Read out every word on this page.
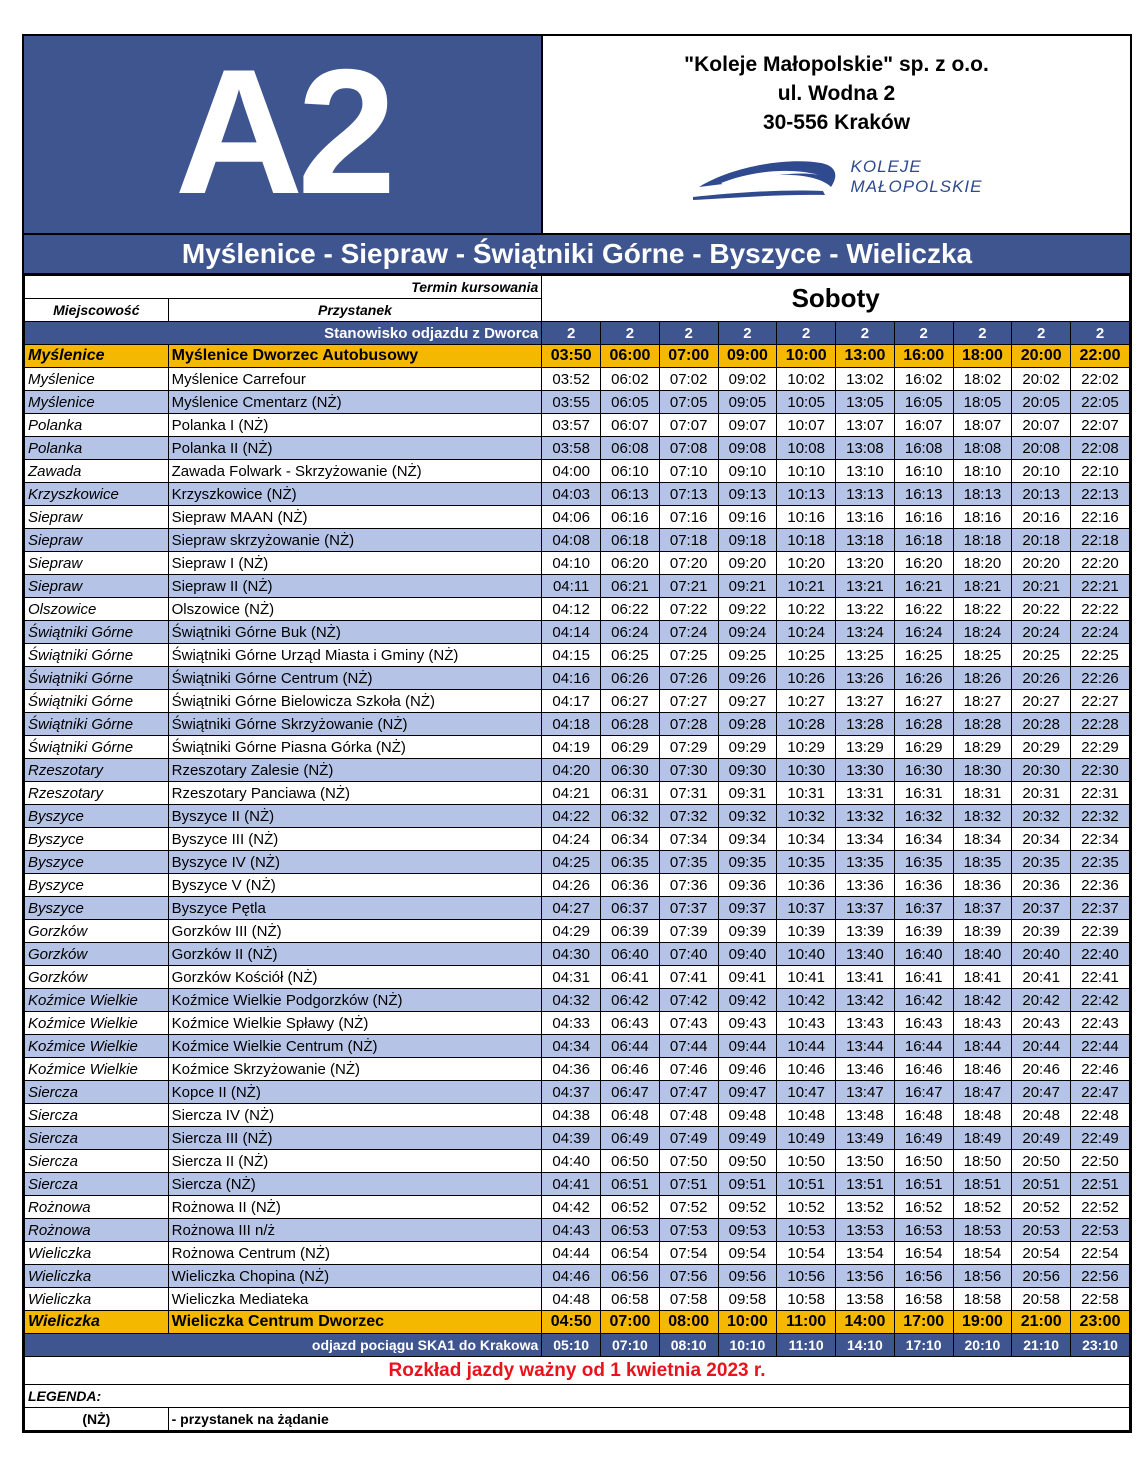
A2	"Koleje Małopolskie" sp. z o.o.
ul. Wodna 2
30-556 Kraków
KOLEJE
MAŁOPOLSKIE
Myślenice - Siepraw - Świątniki Górne - Byszyce - Wieliczka
Termin kursowania		Soboty									
Miejscowość	Przystanek										
Stanowisko odjazdu z Dworca		2	2	2	2	2	2	2	2	2	2
Myślenice	Myślenice Dworzec Autobusowy	03:50	06:00	07:00	09:00	10:00	13:00	16:00	18:00	20:00	22:00
Myślenice	Myślenice Carrefour	03:52	06:02	07:02	09:02	10:02	13:02	16:02	18:02	20:02	22:02
Myślenice	Myślenice Cmentarz (NŻ)	03:55	06:05	07:05	09:05	10:05	13:05	16:05	18:05	20:05	22:05
Polanka	Polanka I (NŻ)	03:57	06:07	07:07	09:07	10:07	13:07	16:07	18:07	20:07	22:07
Polanka	Polanka II (NŻ)	03:58	06:08	07:08	09:08	10:08	13:08	16:08	18:08	20:08	22:08
Zawada	Zawada Folwark - Skrzyżowanie (NŻ)	04:00	06:10	07:10	09:10	10:10	13:10	16:10	18:10	20:10	22:10
Krzyszkowice	Krzyszkowice (NŻ)	04:03	06:13	07:13	09:13	10:13	13:13	16:13	18:13	20:13	22:13
Siepraw	Siepraw MAAN (NŻ)	04:06	06:16	07:16	09:16	10:16	13:16	16:16	18:16	20:16	22:16
Siepraw	Siepraw skrzyżowanie (NŻ)	04:08	06:18	07:18	09:18	10:18	13:18	16:18	18:18	20:18	22:18
Siepraw	Siepraw I (NŻ)	04:10	06:20	07:20	09:20	10:20	13:20	16:20	18:20	20:20	22:20
Siepraw	Siepraw II (NŻ)	04:11	06:21	07:21	09:21	10:21	13:21	16:21	18:21	20:21	22:21
Olszowice	Olszowice (NŻ)	04:12	06:22	07:22	09:22	10:22	13:22	16:22	18:22	20:22	22:22
Świątniki Górne	Świątniki Górne Buk (NŻ)	04:14	06:24	07:24	09:24	10:24	13:24	16:24	18:24	20:24	22:24
Świątniki Górne	Świątniki Górne Urząd Miasta i Gminy (NŻ)	04:15	06:25	07:25	09:25	10:25	13:25	16:25	18:25	20:25	22:25
Świątniki Górne	Świątniki Górne Centrum (NŻ)	04:16	06:26	07:26	09:26	10:26	13:26	16:26	18:26	20:26	22:26
Świątniki Górne	Świątniki Górne Bielowicza Szkoła (NŻ)	04:17	06:27	07:27	09:27	10:27	13:27	16:27	18:27	20:27	22:27
Świątniki Górne	Świątniki Górne Skrzyżowanie (NŻ)	04:18	06:28	07:28	09:28	10:28	13:28	16:28	18:28	20:28	22:28
Świątniki Górne	Świątniki Górne Piasna Górka (NŻ)	04:19	06:29	07:29	09:29	10:29	13:29	16:29	18:29	20:29	22:29
Rzeszotary	Rzeszotary Zalesie (NŻ)	04:20	06:30	07:30	09:30	10:30	13:30	16:30	18:30	20:30	22:30
Rzeszotary	Rzeszotary Panciawa (NŻ)	04:21	06:31	07:31	09:31	10:31	13:31	16:31	18:31	20:31	22:31
Byszyce	Byszyce II (NŻ)	04:22	06:32	07:32	09:32	10:32	13:32	16:32	18:32	20:32	22:32
Byszyce	Byszyce III (NŻ)	04:24	06:34	07:34	09:34	10:34	13:34	16:34	18:34	20:34	22:34
Byszyce	Byszyce IV (NŻ)	04:25	06:35	07:35	09:35	10:35	13:35	16:35	18:35	20:35	22:35
Byszyce	Byszyce V (NŻ)	04:26	06:36	07:36	09:36	10:36	13:36	16:36	18:36	20:36	22:36
Byszyce	Byszyce Pętla	04:27	06:37	07:37	09:37	10:37	13:37	16:37	18:37	20:37	22:37
Gorzków	Gorzków III (NŻ)	04:29	06:39	07:39	09:39	10:39	13:39	16:39	18:39	20:39	22:39
Gorzków	Gorzków II (NŻ)	04:30	06:40	07:40	09:40	10:40	13:40	16:40	18:40	20:40	22:40
Gorzków	Gorzków Kościół (NŻ)	04:31	06:41	07:41	09:41	10:41	13:41	16:41	18:41	20:41	22:41
Koźmice Wielkie	Koźmice Wielkie Podgorzków (NŻ)	04:32	06:42	07:42	09:42	10:42	13:42	16:42	18:42	20:42	22:42
Koźmice Wielkie	Koźmice Wielkie Spławy (NŻ)	04:33	06:43	07:43	09:43	10:43	13:43	16:43	18:43	20:43	22:43
Koźmice Wielkie	Koźmice Wielkie Centrum (NŻ)	04:34	06:44	07:44	09:44	10:44	13:44	16:44	18:44	20:44	22:44
Koźmice Wielkie	Koźmice Skrzyżowanie (NŻ)	04:36	06:46	07:46	09:46	10:46	13:46	16:46	18:46	20:46	22:46
Siercza	Kopce II (NŻ)	04:37	06:47	07:47	09:47	10:47	13:47	16:47	18:47	20:47	22:47
Siercza	Siercza IV (NŻ)	04:38	06:48	07:48	09:48	10:48	13:48	16:48	18:48	20:48	22:48
Siercza	Siercza III (NŻ)	04:39	06:49	07:49	09:49	10:49	13:49	16:49	18:49	20:49	22:49
Siercza	Siercza II (NŻ)	04:40	06:50	07:50	09:50	10:50	13:50	16:50	18:50	20:50	22:50
Siercza	Siercza (NŻ)	04:41	06:51	07:51	09:51	10:51	13:51	16:51	18:51	20:51	22:51
Rożnowa	Rożnowa II (NŻ)	04:42	06:52	07:52	09:52	10:52	13:52	16:52	18:52	20:52	22:52
Rożnowa	Rożnowa III n/ż	04:43	06:53	07:53	09:53	10:53	13:53	16:53	18:53	20:53	22:53
Wieliczka	Rożnowa Centrum (NŻ)	04:44	06:54	07:54	09:54	10:54	13:54	16:54	18:54	20:54	22:54
Wieliczka	Wieliczka Chopina (NŻ)	04:46	06:56	07:56	09:56	10:56	13:56	16:56	18:56	20:56	22:56
Wieliczka	Wieliczka Mediateka	04:48	06:58	07:58	09:58	10:58	13:58	16:58	18:58	20:58	22:58
Wieliczka	Wieliczka Centrum Dworzec	04:50	07:00	08:00	10:00	11:00	14:00	17:00	19:00	21:00	23:00
odjazd pociągu SKA1 do Krakowa		05:10	07:10	08:10	10:10	11:10	14:10	17:10	20:10	21:10	23:10
Rozkład jazdy ważny od 1 kwietnia 2023 r.											
LEGENDA:											
(NŻ)	- przystanek na żądanie										
